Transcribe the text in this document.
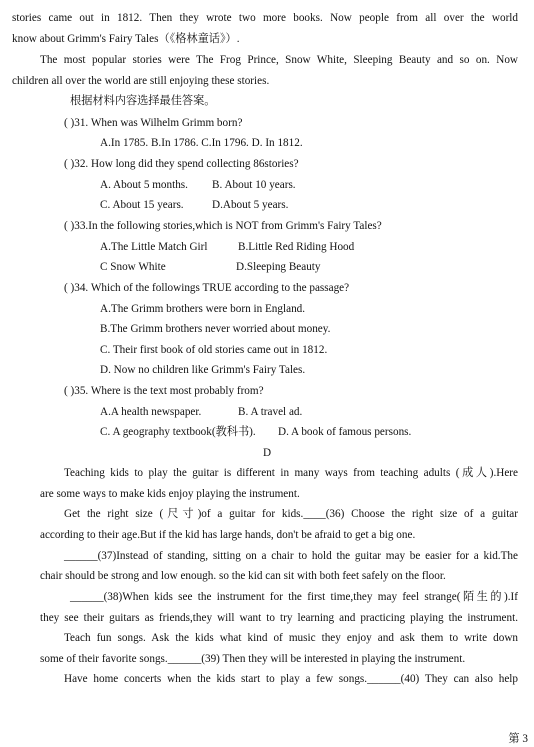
stories came out in 1812. Then they wrote two more books. Now people from all over the world
know about Grimm's Fairy Tales（《格林童话》）.
The most popular stories were The Frog Prince, Snow White, Sleeping Beauty and so on. Now
children all over the world are still enjoying these stories.
根据材料内容选择最佳答案。
( )31. When was Wilhelm Grimm born?
A.In 1785. B.In 1786. C.In 1796. D. In 1812.
( )32. How long did they spend collecting 86stories?
A. About 5 months. B. About 10 years.
C. About 15 years.	D.About 5 years.
( )33.In the following stories,which is NOT from Grimm's Fairy Tales?
A.The Little Match Girl	B.Little Red Riding Hood
C Snow White	D.Sleeping Beauty
( )34. Which of the followings TRUE according to the passage?
A.The Grimm brothers were born in England.
B.The Grimm brothers never worried about money.
C. Their first book of old stories came out in 1812.
D. Now no children like Grimm's Fairy Tales.
( )35. Where is the text most probably from?
A.A health newspaper.	B. A travel ad.
C. A geography textbook(教科书). D. A book of famous persons.
D
Teaching kids to play the guitar is different in many ways from teaching adults (成人).Here
are some ways to make kids enjoy playing the instrument.
Get the right size (尺寸)of a guitar for kids.____(36) Choose the right size of a guitar
according to their age.But if the kid has large hands, don't be afraid to get a big one.
______(37)Instead of standing, sitting on a chair to hold the guitar may be easier for a kid.The
chair should be strong and low enough. so the kid can sit with both feet safely on the floor.
______(38)When kids see the instrument for the first time,they may feel strange(陌生的).If
they see their guitars as friends,they will want to try learning and practicing playing the instrument.
Teach fun songs. Ask the kids what kind of music they enjoy and ask them to write down
some of their favorite songs.______(39) Then they will be interested in playing the instrument.
Have home concerts when the kids start to play a few songs.______(40) They can also help
第 3
